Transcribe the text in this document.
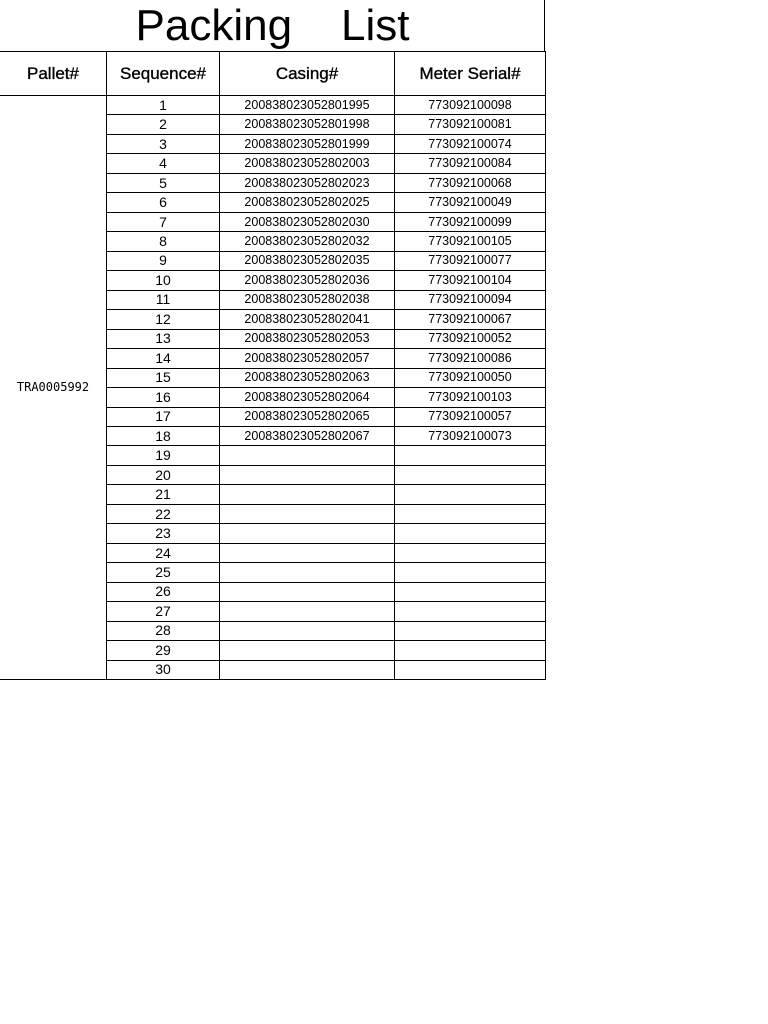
Packing    List
Pallet#	Sequence#	Casing#	Meter Serial#
TRA0005992	1	200838023052801995	773092100098
	2	200838023052801998	773092100081
	3	200838023052801999	773092100074
	4	200838023052802003	773092100084
	5	200838023052802023	773092100068
	6	200838023052802025	773092100049
	7	200838023052802030	773092100099
	8	200838023052802032	773092100105
	9	200838023052802035	773092100077
	10	200838023052802036	773092100104
	11	200838023052802038	773092100094
	12	200838023052802041	773092100067
	13	200838023052802053	773092100052
	14	200838023052802057	773092100086
	15	200838023052802063	773092100050
	16	200838023052802064	773092100103
	17	200838023052802065	773092100057
	18	200838023052802067	773092100073
	19		
	20		
	21		
	22		
	23		
	24		
	25		
	26		
	27		
	28		
	29		
	30		
